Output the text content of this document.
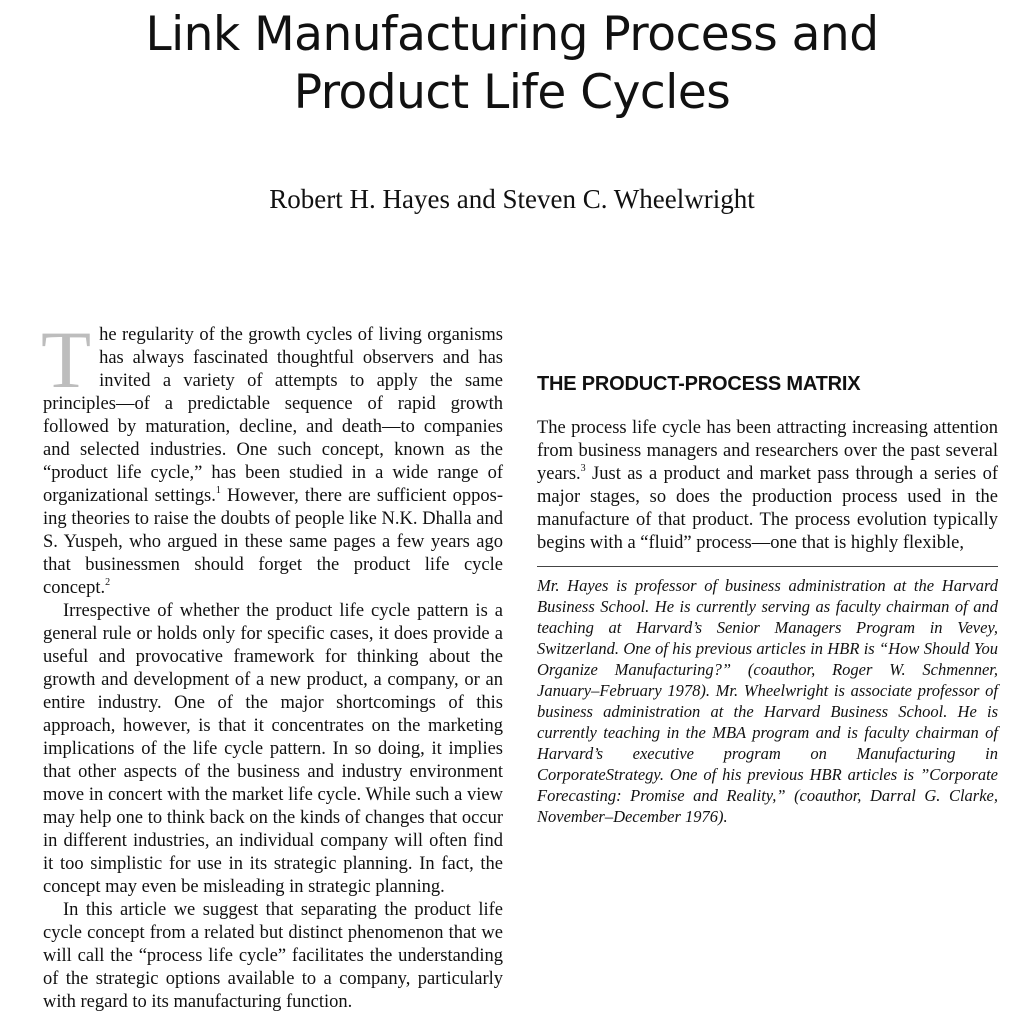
Link Manufacturing Process and
Product Life Cycles
Robert H. Hayes and Steven C. Wheelwright

The regularity of the growth cycles of living organisms has always fascinated thoughtful observers and has invited a variety of attempts to apply the same principles—of a predictable sequence of rapid growth followed by maturation, decline, and death—to companies and selected industries. One such concept, known as the “product life cycle,” has been studied in a wide range of organizational settings.$^1$ However, there are sufficient opposing theories to raise the doubts of people like N.K. Dhalla and S. Yuspeh, who argued in these same pages a few years ago that businessmen should forget the product life cycle concept.$^2$

Irrespective of whether the product life cycle pattern is a general rule or holds only for specific cases, it does provide a useful and provocative framework for thinking about the growth and development of a new product, a company, or an entire industry. One of the major shortcomings of this approach, however, is that it concentrates on the marketing implications of the life cycle pattern. In so doing, it implies that other aspects of the business and industry environment move in concert with the market life cycle. While such a view may help one to think back on the kinds of changes that occur in different industries, an individual company will often find it too simplistic for use in its strategic planning. In fact, the concept may even be misleading in strategic planning.

In this article we suggest that separating the product life cycle concept from a related but distinct phenomenon that we will call the “process life cycle” facilitates the understanding of the strategic options available to a company, particularly with regard to its manufacturing function.

THE PRODUCT-PROCESS MATRIX

The process life cycle has been attracting increasing attention from business managers and researchers over the past several years.$^3$ Just as a product and market pass through a series of major stages, so does the production process used in the manufacture of that product. The process evolution typically begins with a “fluid” process—one that is highly flexible,

Mr. Hayes is professor of business administration at the Harvard Business School. He is currently serving as faculty chairman of and teaching at Harvard’s Senior Managers Program in Vevey, Switzerland. One of his previous articles in HBR is “How Should You Organize Manufacturing?” (coauthor, Roger W. Schmenner, January–February 1978). Mr. Wheelwright is associate professor of business administration at the Harvard Business School. He is currently teaching in the MBA program and is faculty chairman of Harvard’s executive program on Manufacturing in CorporateStrategy. One of his previous HBR articles is ”Corporate Forecasting: Promise and Reality,” (coauthor, Darral G. Clarke, November–December 1976).
